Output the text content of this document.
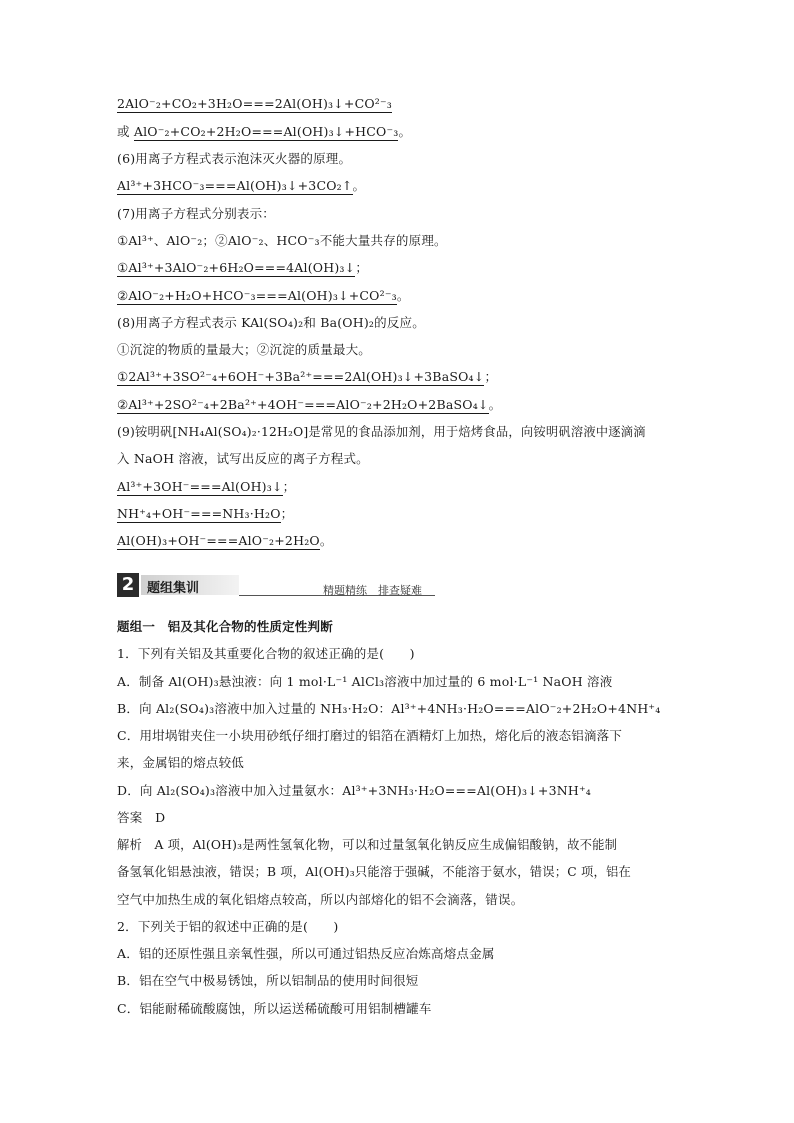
2AlO⁻₂+CO₂+3H₂O===2Al(OH)₃↓+CO²⁻₃
或 AlO⁻₂+CO₂+2H₂O===Al(OH)₃↓+HCO⁻₃。
(6)用离子方程式表示泡沫灭火器的原理。
Al³⁺+3HCO⁻₃===Al(OH)₃↓+3CO₂↑。
(7)用离子方程式分别表示：
①Al³⁺、AlO⁻₂；②AlO⁻₂、HCO⁻₃不能大量共存的原理。
①Al³⁺+3AlO⁻₂+6H₂O===4Al(OH)₃↓；
②AlO⁻₂+H₂O+HCO⁻₃===Al(OH)₃↓+CO²⁻₃。
(8)用离子方程式表示 KAl(SO₄)₂和 Ba(OH)₂的反应。
①沉淀的物质的量最大；②沉淀的质量最大。
①2Al³⁺+3SO²⁻₄+6OH⁻+3Ba²⁺===2Al(OH)₃↓+3BaSO₄↓；
②Al³⁺+2SO²⁻₄+2Ba²⁺+4OH⁻===AlO⁻₂+2H₂O+2BaSO₄↓。
(9)铵明矾[NH₄Al(SO₄)₂·12H₂O]是常见的食品添加剂，用于焙烤食品，向铵明矾溶液中逐滴滴
入 NaOH 溶液，试写出反应的离子方程式。
Al³⁺+3OH⁻===Al(OH)₃↓；
NH⁺₄+OH⁻===NH₃·H₂O；
Al(OH)₃+OH⁻===AlO⁻₂+2H₂O。
2 题组集训	精题精练　排查疑难
题组一　铝及其化合物的性质定性判断
1．下列有关铝及其重要化合物的叙述正确的是(　　)
A．制备 Al(OH)₃悬浊液：向 1 mol·L⁻¹ AlCl₃溶液中加过量的 6 mol·L⁻¹ NaOH 溶液
B．向 Al₂(SO₄)₃溶液中加入过量的 NH₃·H₂O：Al³⁺+4NH₃·H₂O===AlO⁻₂+2H₂O+4NH⁺₄
C．用坩埚钳夹住一小块用砂纸仔细打磨过的铝箔在酒精灯上加热，熔化后的液态铝滴落下
来，金属铝的熔点较低
D．向 Al₂(SO₄)₃溶液中加入过量氨水：Al³⁺+3NH₃·H₂O===Al(OH)₃↓+3NH⁺₄
答案　D
解析　A 项，Al(OH)₃是两性氢氧化物，可以和过量氢氧化钠反应生成偏铝酸钠，故不能制
备氢氧化铝悬浊液，错误；B 项，Al(OH)₃只能溶于强碱，不能溶于氨水，错误；C 项，铝在
空气中加热生成的氧化铝熔点较高，所以内部熔化的铝不会滴落，错误。
2．下列关于铝的叙述中正确的是(　　)
A．铝的还原性强且亲氧性强，所以可通过铝热反应冶炼高熔点金属
B．铝在空气中极易锈蚀，所以铝制品的使用时间很短
C．铝能耐稀硫酸腐蚀，所以运送稀硫酸可用铝制槽罐车
